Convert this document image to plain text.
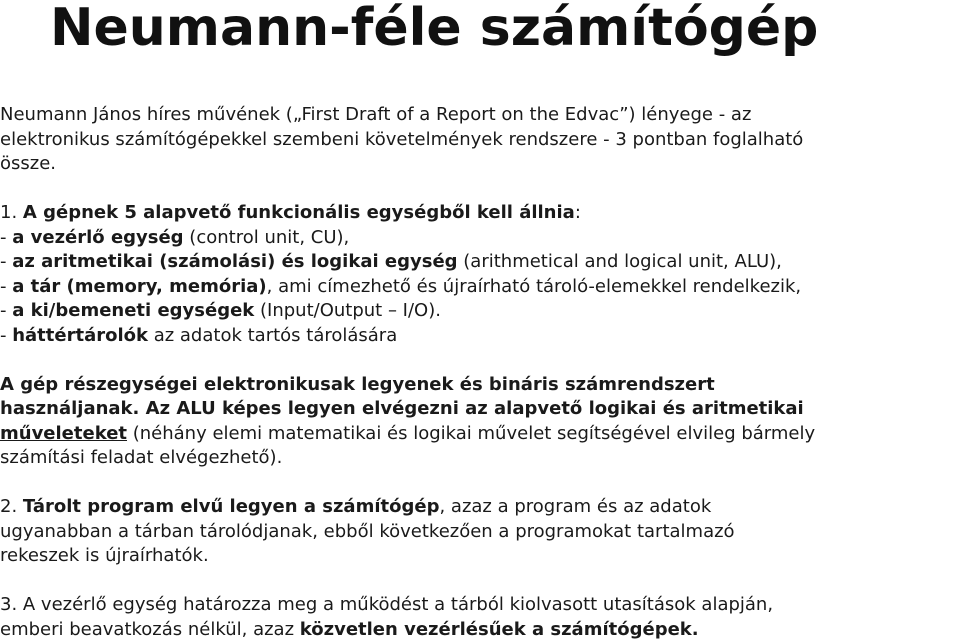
Neumann-féle számítógép
Neumann János híres művének („First Draft of a Report on the Edvac”) lényege - az
elektronikus számítógépekkel szembeni követelmények rendszere - 3 pontban foglalható
össze.
1. A gépnek 5 alapvető funkcionális egységből kell állnia:
- a vezérlő egység (control unit, CU),
- az aritmetikai (számolási) és logikai egység (arithmetical and logical unit, ALU),
- a tár (memory, memória), ami címezhető és újraírható tároló-elemekkel rendelkezik,
- a ki/bemeneti egységek (Input/Output – I/O).
- háttértárolók az adatok tartós tárolására
A gép részegységei elektronikusak legyenek és bináris számrendszert
használjanak. Az ALU képes legyen elvégezni az alapvető logikai és aritmetikai
műveleteket (néhány elemi matematikai és logikai művelet segítségével elvileg bármely
számítási feladat elvégezhető).
2. Tárolt program elvű legyen a számítógép, azaz a program és az adatok
ugyanabban a tárban tárolódjanak, ebből következően a programokat tartalmazó
rekeszek is újraírhatók.
3. A vezérlő egység határozza meg a működést a tárból kiolvasott utasítások alapján,
emberi beavatkozás nélkül, azaz közvetlen vezérlésűek a számítógépek.
